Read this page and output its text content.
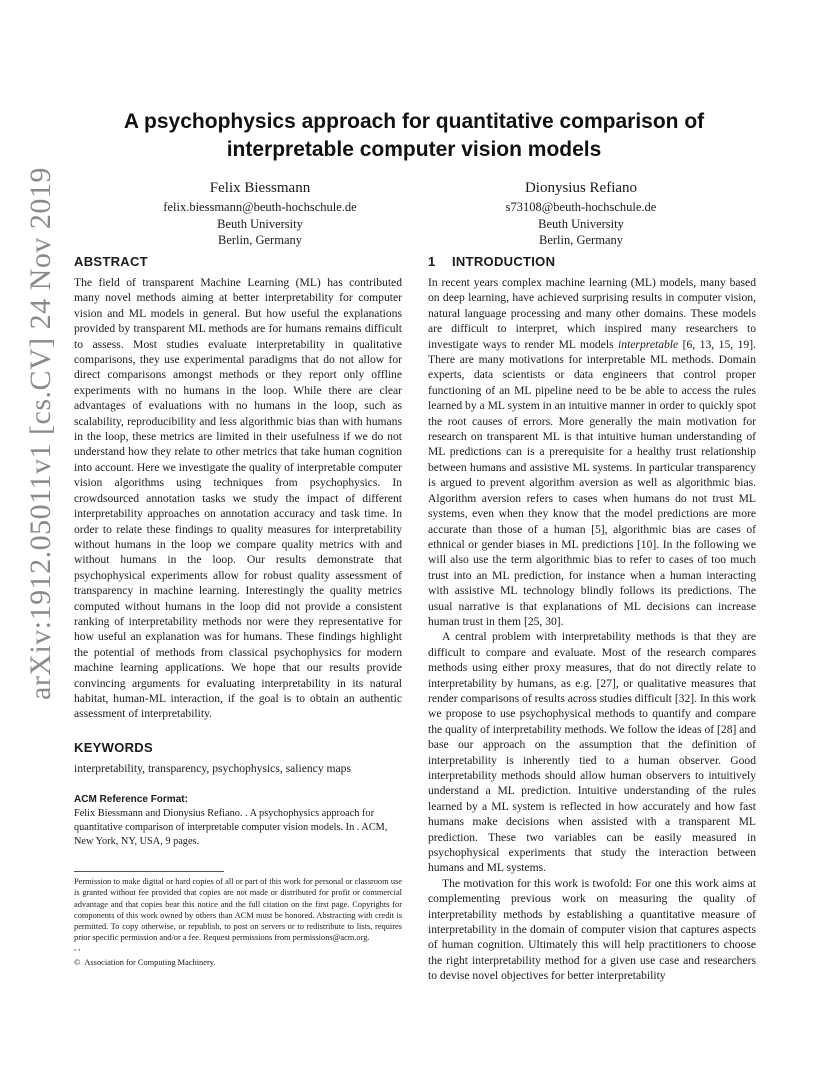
arXiv:1912.05011v1 [cs.CV] 24 Nov 2019
A psychophysics approach for quantitative comparison of interpretable computer vision models
Felix Biessmann
felix.biessmann@beuth-hochschule.de
Beuth University
Berlin, Germany
Dionysius Refiano
s73108@beuth-hochschule.de
Beuth University
Berlin, Germany
ABSTRACT

The field of transparent Machine Learning (ML) has contributed many novel methods aiming at better interpretability for computer vision and ML models in general. But how useful the explanations provided by transparent ML methods are for humans remains difficult to assess. Most studies evaluate interpretability in qualitative comparisons, they use experimental paradigms that do not allow for direct comparisons amongst methods or they report only offline experiments with no humans in the loop. While there are clear advantages of evaluations with no humans in the loop, such as scalability, reproducibility and less algorithmic bias than with humans in the loop, these metrics are limited in their usefulness if we do not understand how they relate to other metrics that take human cognition into account. Here we investigate the quality of interpretable computer vision algorithms using techniques from psychophysics. In crowdsourced annotation tasks we study the impact of different interpretability approaches on annotation accuracy and task time. In order to relate these findings to quality measures for interpretability without humans in the loop we compare quality metrics with and without humans in the loop. Our results demonstrate that psychophysical experiments allow for robust quality assessment of transparency in machine learning. Interestingly the quality metrics computed without humans in the loop did not provide a consistent ranking of interpretability methods nor were they representative for how useful an explanation was for humans. These findings highlight the potential of methods from classical psychophysics for modern machine learning applications. We hope that our results provide convincing arguments for evaluating interpretability in its natural habitat, human-ML interaction, if the goal is to obtain an authentic assessment of interpretability.

KEYWORDS

interpretability, transparency, psychophysics, saliency maps

ACM Reference Format:

Felix Biessmann and Dionysius Refiano. . A psychophysics approach for quantitative comparison of interpretable computer vision models. In . ACM, New York, NY, USA, 9 pages.

Permission to make digital or hard copies of all or part of this work for personal or classroom use is granted without fee provided that copies are not made or distributed for profit or commercial advantage and that copies bear this notice and the full citation on the first page. Copyrights for components of this work owned by others than ACM must be honored. Abstracting with credit is permitted. To copy otherwise, or republish, to post on servers or to redistribute to lists, requires prior specific permission and/or a fee. Request permissions from permissions@acm.org.

, ,

© Association for Computing Machinery.

1 INTRODUCTION

In recent years complex machine learning (ML) models, many based on deep learning, have achieved surprising results in computer vision, natural language processing and many other domains. These models are difficult to interpret, which inspired many researchers to investigate ways to render ML models interpretable [6, 13, 15, 19]. There are many motivations for interpretable ML methods. Domain experts, data scientists or data engineers that control proper functioning of an ML pipeline need to be be able to access the rules learned by a ML system in an intuitive manner in order to quickly spot the root causes of errors. More generally the main motivation for research on transparent ML is that intuitive human understanding of ML predictions can is a prerequisite for a healthy trust relationship between humans and assistive ML systems. In particular transparency is argued to prevent algorithm aversion as well as algorithmic bias. Algorithm aversion refers to cases when humans do not trust ML systems, even when they know that the model predictions are more accurate than those of a human [5], algorithmic bias are cases of ethnical or gender biases in ML predictions [10]. In the following we will also use the term algorithmic bias to refer to cases of too much trust into an ML prediction, for instance when a human interacting with assistive ML technology blindly follows its predictions. The usual narrative is that explanations of ML decisions can increase human trust in them [25, 30].

A central problem with interpretability methods is that they are difficult to compare and evaluate. Most of the research compares methods using either proxy measures, that do not directly relate to interpretability by humans, as e.g. [27], or qualitative measures that render comparisons of results across studies difficult [32]. In this work we propose to use psychophysical methods to quantify and compare the quality of interpretability methods. We follow the ideas of [28] and base our approach on the assumption that the definition of interpretability is inherently tied to a human observer. Good interpretability methods should allow human observers to intuitively understand a ML prediction. Intuitive understanding of the rules learned by a ML system is reflected in how accurately and how fast humans make decisions when assisted with a transparent ML prediction. These two variables can be easily measured in psychophysical experiments that study the interaction between humans and ML systems.

The motivation for this work is twofold: For one this work aims at complementing previous work on measuring the quality of interpretability methods by establishing a quantitative measure of interpretability in the domain of computer vision that captures aspects of human cognition. Ultimately this will help practitioners to choose the right interpretability method for a given use case and researchers to devise novel objectives for better interpretability
